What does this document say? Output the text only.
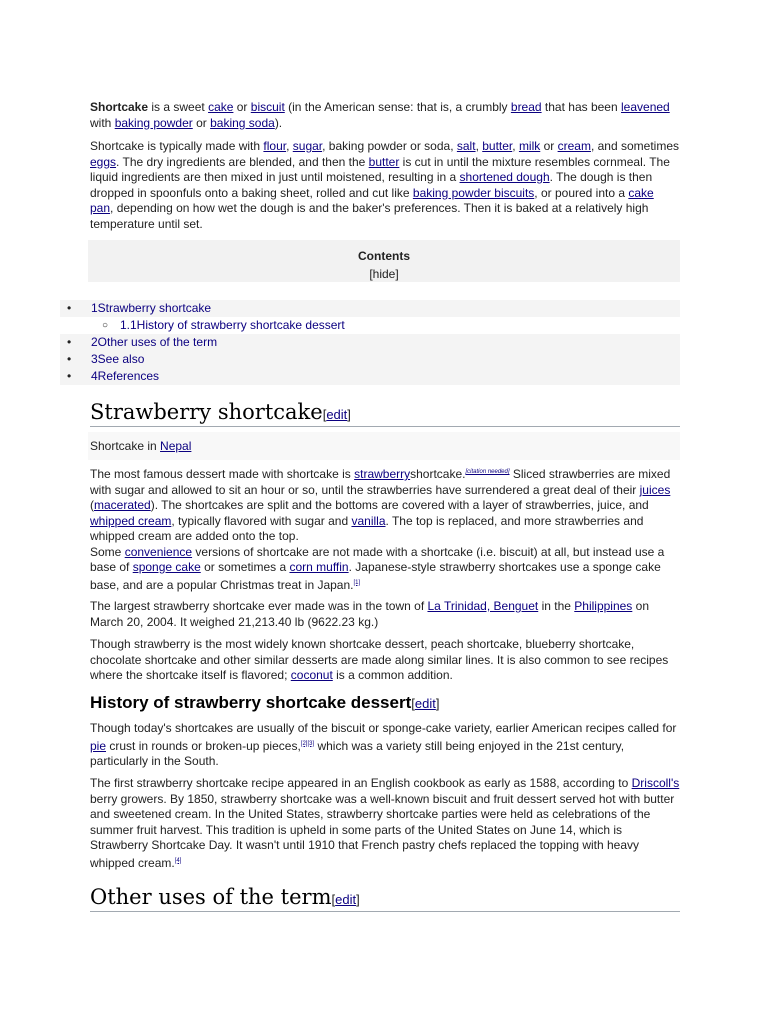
Shortcake is a sweet cake or biscuit (in the American sense: that is, a crumbly bread that has been leavened with baking powder or baking soda).

Shortcake is typically made with flour, sugar, baking powder or soda, salt, butter, milk or cream, and sometimes eggs. The dry ingredients are blended, and then the butter is cut in until the mixture resembles cornmeal. The liquid ingredients are then mixed in just until moistened, resulting in a shortened dough. The dough is then dropped in spoonfuls onto a baking sheet, rolled and cut like baking powder biscuits, or poured into a cake pan, depending on how wet the dough is and the baker's preferences. Then it is baked at a relatively high temperature until set.

Contents
[hide]
• 1Strawberry shortcake
○ 1.1History of strawberry shortcake dessert
• 2Other uses of the term
• 3See also
• 4References
Strawberry shortcake[edit]
Shortcake in Nepal

The most famous dessert made with shortcake is strawberryshortcake.[citation needed] Sliced strawberries are mixed with sugar and allowed to sit an hour or so, until the strawberries have surrendered a great deal of their juices (macerated). The shortcakes are split and the bottoms are covered with a layer of strawberries, juice, and whipped cream, typically flavored with sugar and vanilla. The top is replaced, and more strawberries and whipped cream are added onto the top.
Some convenience versions of shortcake are not made with a shortcake (i.e. biscuit) at all, but instead use a base of sponge cake or sometimes a corn muffin. Japanese-style strawberry shortcakes use a sponge cake base, and are a popular Christmas treat in Japan.[1]

The largest strawberry shortcake ever made was in the town of La Trinidad, Benguet in the Philippines on March 20, 2004. It weighed 21,213.40 lb (9622.23 kg.)

Though strawberry is the most widely known shortcake dessert, peach shortcake, blueberry shortcake, chocolate shortcake and other similar desserts are made along similar lines. It is also common to see recipes where the shortcake itself is flavored; coconut is a common addition.

History of strawberry shortcake dessert[edit]

Though today's shortcakes are usually of the biscuit or sponge-cake variety, earlier American recipes called for pie crust in rounds or broken-up pieces,[2][3] which was a variety still being enjoyed in the 21st century, particularly in the South.

The first strawberry shortcake recipe appeared in an English cookbook as early as 1588, according to Driscoll's berry growers. By 1850, strawberry shortcake was a well-known biscuit and fruit dessert served hot with butter and sweetened cream. In the United States, strawberry shortcake parties were held as celebrations of the summer fruit harvest. This tradition is upheld in some parts of the United States on June 14, which is Strawberry Shortcake Day. It wasn't until 1910 that French pastry chefs replaced the topping with heavy whipped cream.[4]

Other uses of the term[edit]
